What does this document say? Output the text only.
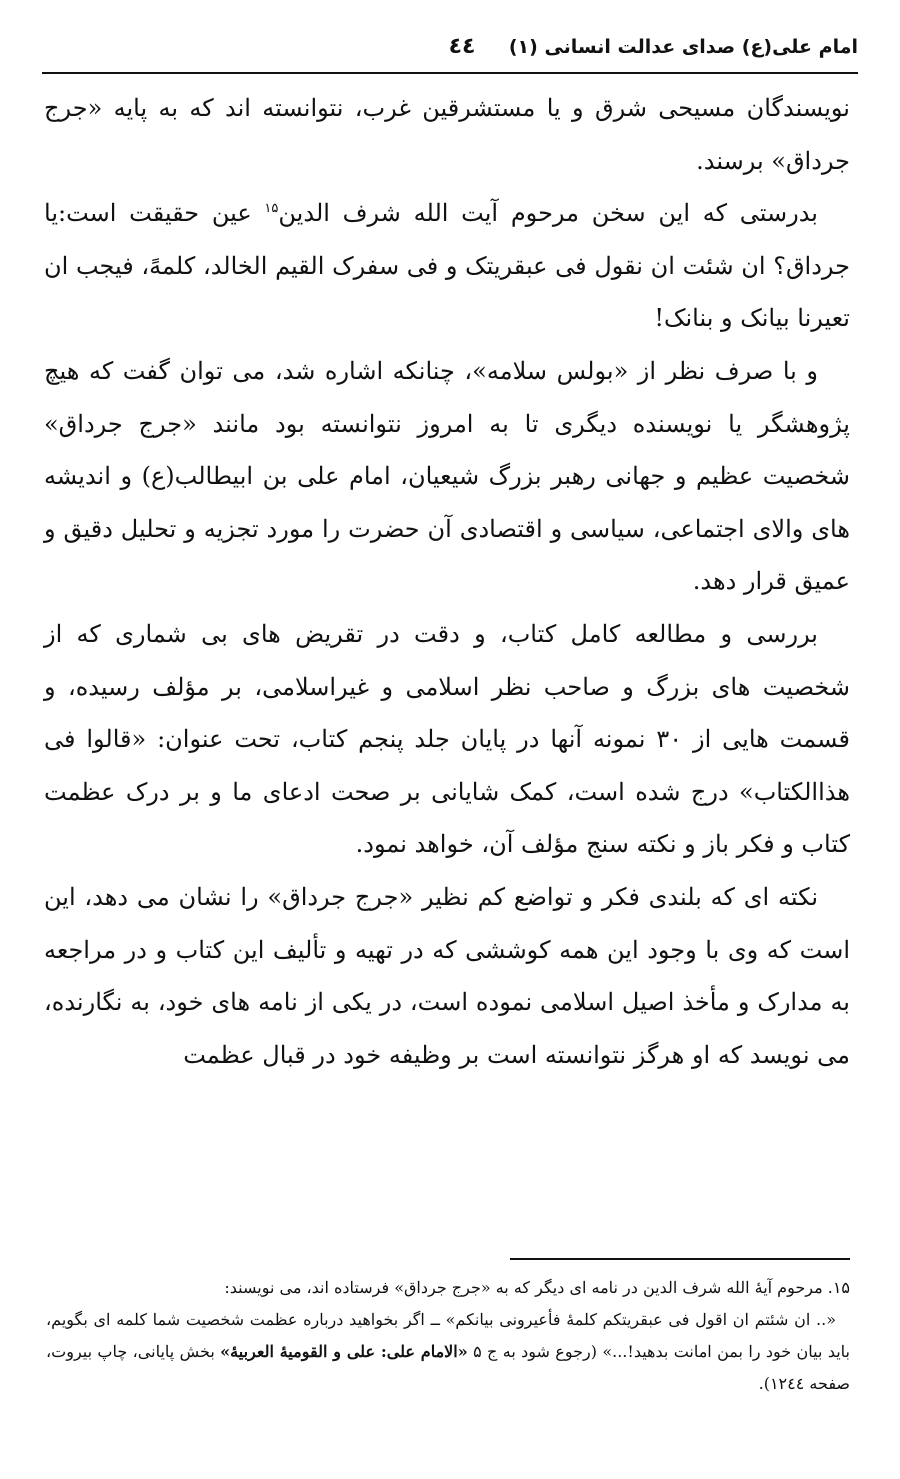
امام علی(ع) صدای عدالت انسانی (۱)
٤٤

نویسندگان مسیحی شرق و یا مستشرقین غرب، نتوانسته اند که به پایه «جرج جرداق» برسند.

بدرستی که این سخن مرحوم آیت الله شرف الدین$^{۱۵}$ عین حقیقت است:یا جرداق؟ ان شئت ان نقول فی عبقریتک و فی سفرک القیم الخالد، کلمهً، فیجب ان تعیرنا بیانک و بنانک!

و با صرف نظر از «بولس سلامه»، چنانکه اشاره شد، می توان گفت که هیچ پژوهشگر یا نویسنده دیگری تا به امروز نتوانسته بود مانند «جرج جرداق» شخصیت عظیم و جهانی رهبر بزرگ شیعیان، امام علی بن ابیطالب(ع) و اندیشه های والای اجتماعی، سیاسی و اقتصادی آن حضرت را مورد تجزیه و تحلیل دقیق و عمیق قرار دهد.

بررسی و مطالعه کامل کتاب، و دقت در تقریض های بی شماری که از شخصیت های بزرگ و صاحب نظر اسلامی و غیراسلامی، بر مؤلف رسیده، و قسمت هایی از ۳۰ نمونه آنها در پایان جلد پنجم کتاب، تحت عنوان: «قالوا فی هذاالکتاب» درج شده است، کمک شایانی بر صحت ادعای ما و بر درک عظمت کتاب و فکر باز و نکته سنج مؤلف آن، خواهد نمود.

نکته ای که بلندی فکر و تواضع کم نظیر «جرج جرداق» را نشان می دهد، این است که وی با وجود این همه کوششی که در تهیه و تألیف این کتاب و در مراجعه به مدارک و مأخذ اصیل اسلامی نموده است، در یکی از نامه های خود، به نگارنده، می نویسد که او هرگز نتوانسته است بر وظیفه خود در قبال عظمت

۱۵. مرحوم آیهٔ الله شرف الدین در نامه ای دیگر که به «جرج جرداق» فرستاده اند، می نویسند:

«.. ان شئتم ان اقول فی عبقریتکم کلمهٔ فأعیرونی بیانکم» ــ اگر بخواهید درباره عظمت شخصیت شما کلمه ای بگویم، باید بیان خود را بمن امانت بدهید!...» (رجوع شود به ج ۵ «الامام علی: علی و القومیهٔ العربیهٔ» بخش پایانی، چاپ بیروت، صفحه ۱۲٤٤).
